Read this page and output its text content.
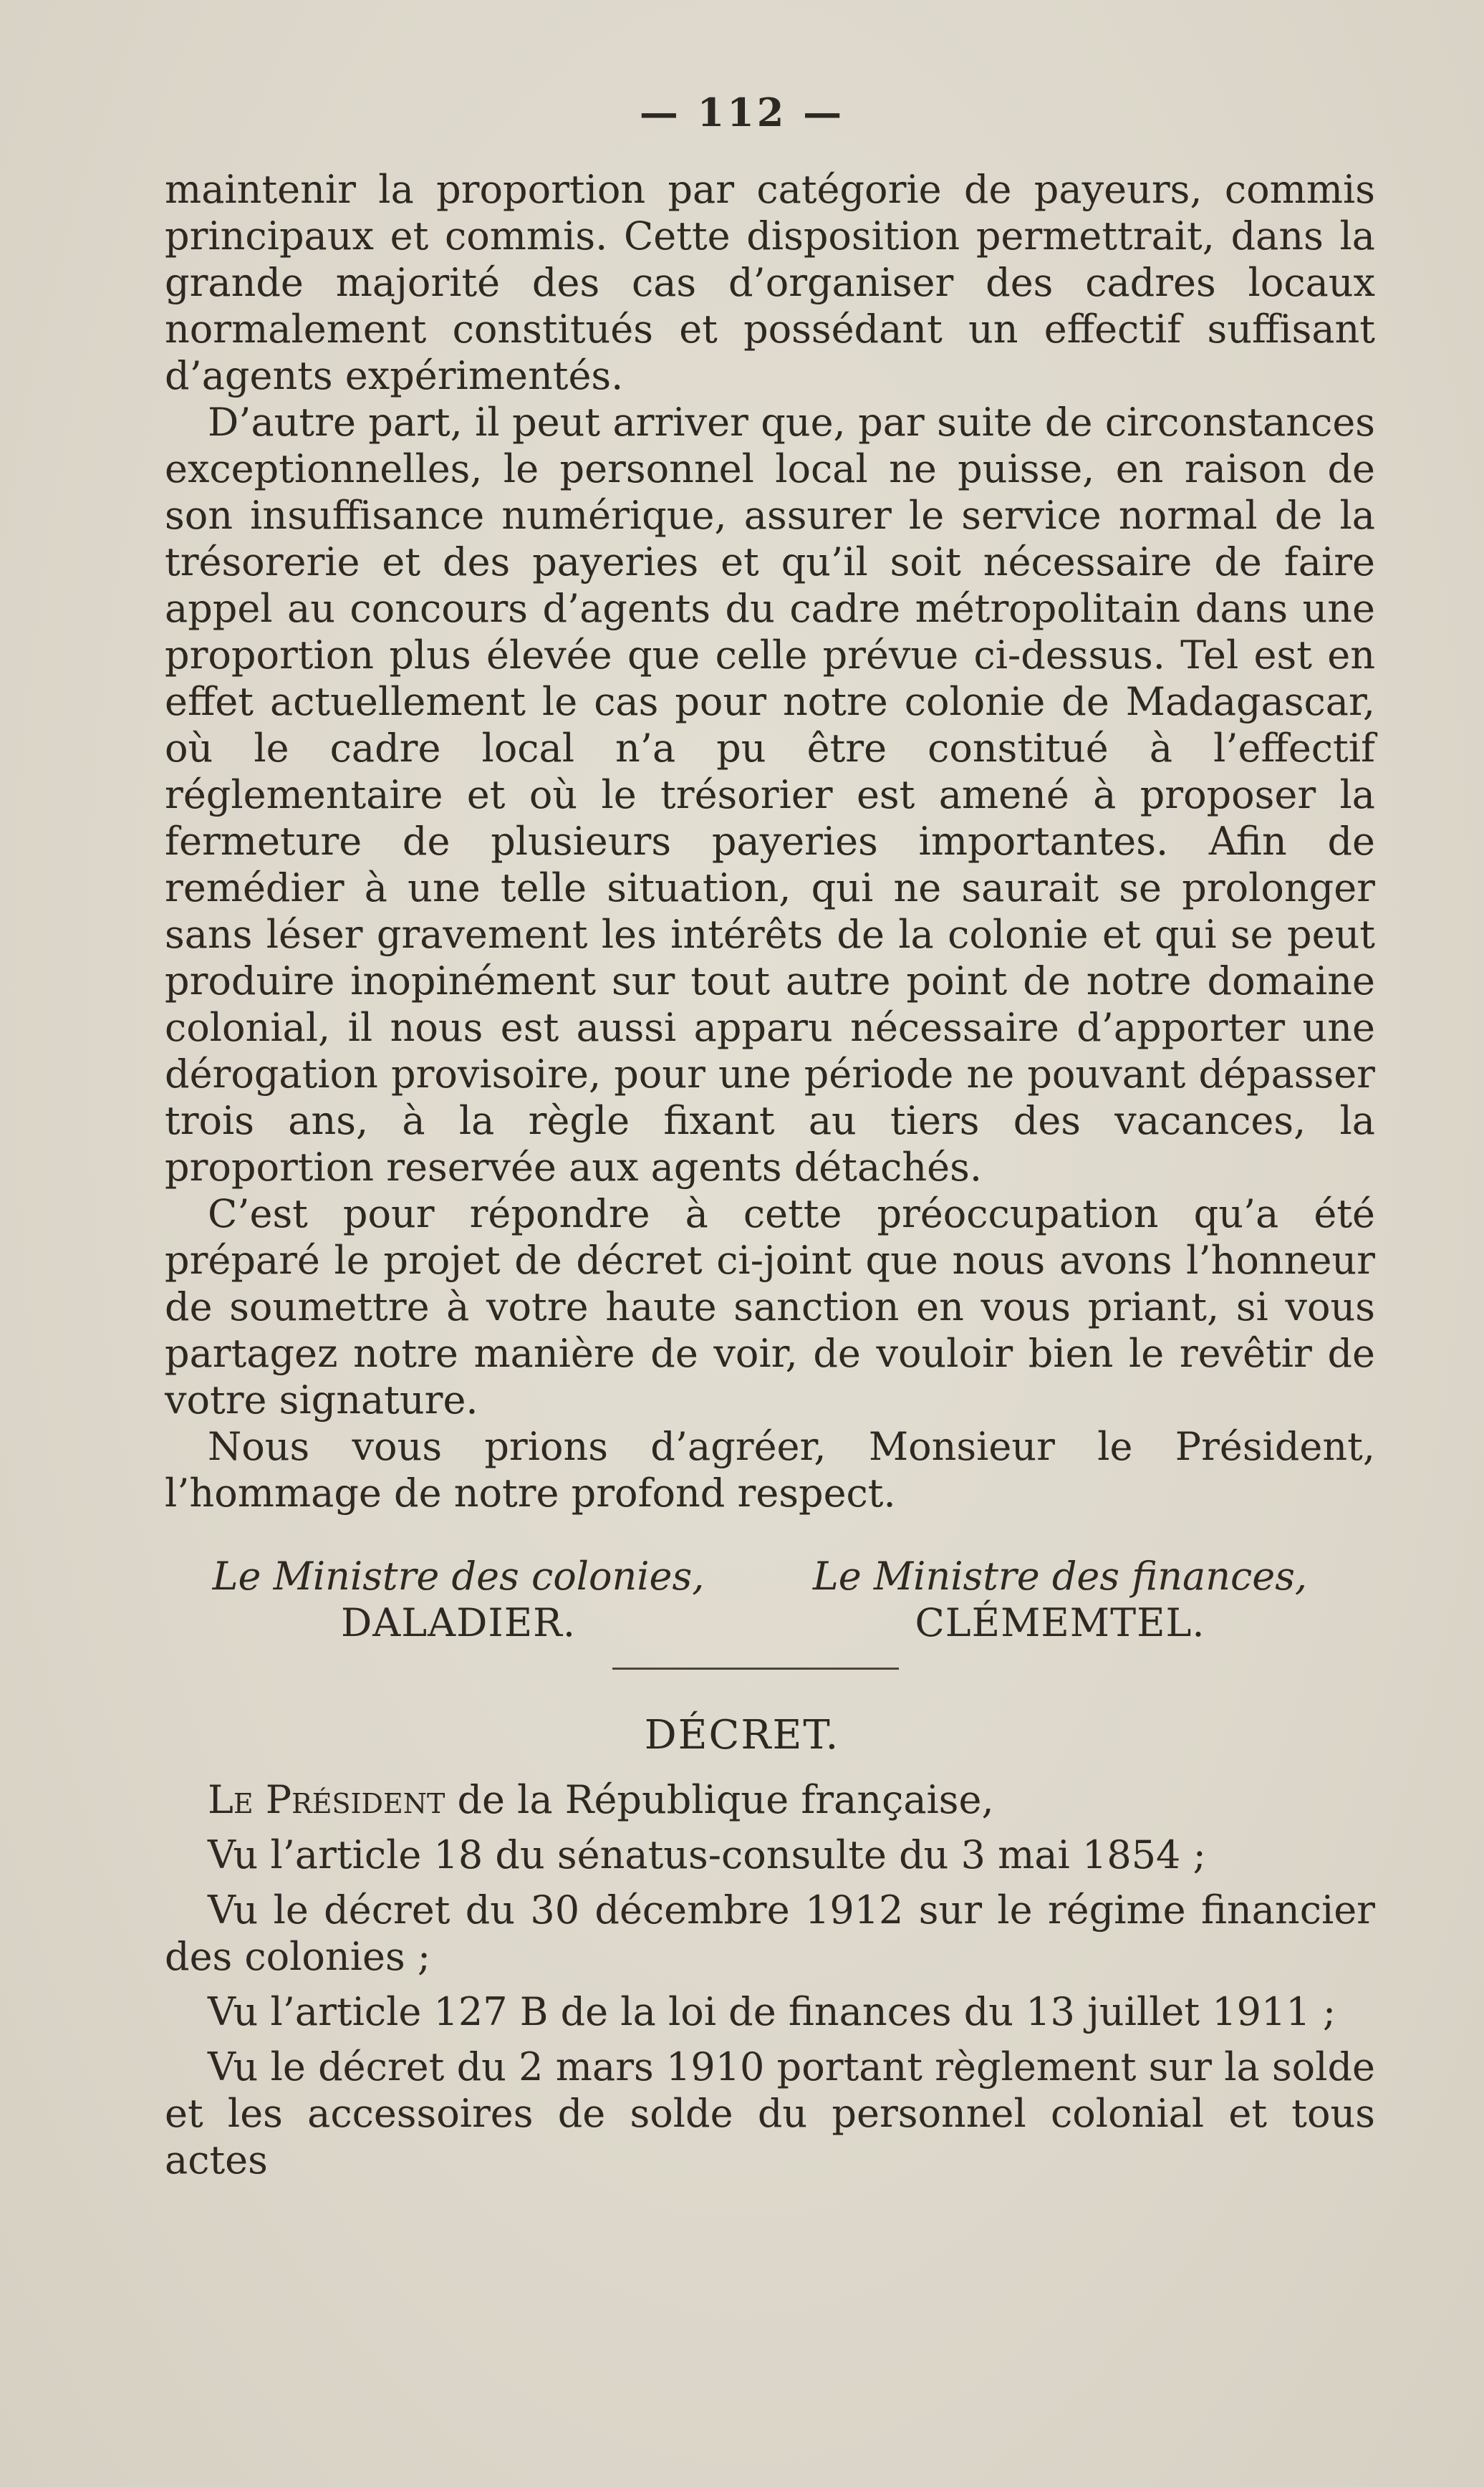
— 112 —

maintenir la proportion par catégorie de payeurs, commis principaux et commis. Cette disposition permettrait, dans la grande majorité des cas d’organiser des cadres locaux normalement constitués et possédant un effectif suffisant d’agents expérimentés.

D’autre part, il peut arriver que, par suite de circonstances exceptionnelles, le personnel local ne puisse, en raison de son insuffisance numérique, assurer le service normal de la trésorerie et des payeries et qu’il soit nécessaire de faire appel au concours d’agents du cadre métropolitain dans une proportion plus élevée que celle prévue ci-dessus. Tel est en effet actuellement le cas pour notre colonie de Madagascar, où le cadre local n’a pu être constitué à l’effectif réglementaire et où le trésorier est amené à proposer la fermeture de plusieurs payeries importantes. Afin de remédier à une telle situation, qui ne saurait se prolonger sans léser gravement les intérêts de la colonie et qui se peut produire inopinément sur tout autre point de notre domaine colonial, il nous est aussi apparu nécessaire d’apporter une dérogation provisoire, pour une période ne pouvant dépasser trois ans, à la règle fixant au tiers des vacances, la proportion reservée aux agents détachés.

C’est pour répondre à cette préoccupation qu’a été préparé le projet de décret ci-joint que nous avons l’honneur de soumettre à votre haute sanction en vous priant, si vous partagez notre manière de voir, de vouloir bien le revêtir de votre signature.

Nous vous prions d’agréer, Monsieur le Président, l’hommage de notre profond respect.

Le Ministre des colonies,
DALADIER.
Le Ministre des finances,
CLÉMEMTEL.
DÉCRET.

Le Président de la République française,

Vu l’article 18 du sénatus-consulte du 3 mai 1854 ;

Vu le décret du 30 décembre 1912 sur le régime financier des colonies ;

Vu l’article 127 B de la loi de finances du 13 juillet 1911 ;

Vu le décret du 2 mars 1910 portant règlement sur la solde et les accessoires de solde du personnel colonial et tous actes
